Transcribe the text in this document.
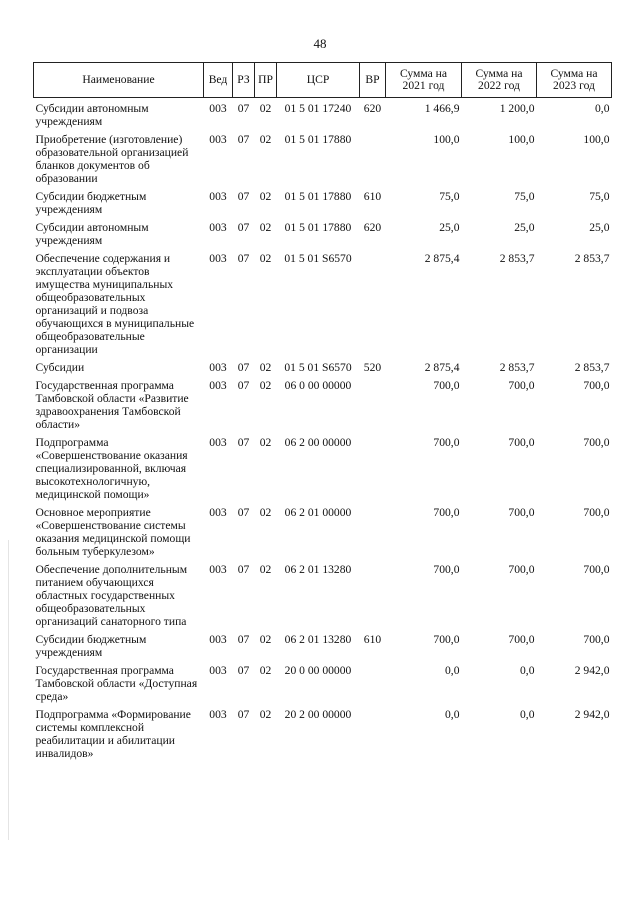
48
Наименование	Вед	РЗ	ПР	ЦСР	ВР	Сумма на 2021 год	Сумма на 2022 год	Сумма на 2023 год
Субсидии автономным учреждениям	003	07	02	01 5 01 17240	620	1 466,9	1 200,0	0,0
Приобретение (изготовление) образовательной организацией бланков документов об образовании	003	07	02	01 5 01 17880		100,0	100,0	100,0
Субсидии бюджетным учреждениям	003	07	02	01 5 01 17880	610	75,0	75,0	75,0
Субсидии автономным учреждениям	003	07	02	01 5 01 17880	620	25,0	25,0	25,0
Обеспечение содержания и эксплуатации объектов имущества муниципальных общеобразовательных организаций и подвоза обучающихся в муниципальные общеобразовательные организации	003	07	02	01 5 01 S6570		2 875,4	2 853,7	2 853,7
Субсидии	003	07	02	01 5 01 S6570	520	2 875,4	2 853,7	2 853,7
Государственная программа Тамбовской области «Развитие здравоохранения Тамбовской области»	003	07	02	06 0 00 00000		700,0	700,0	700,0
Подпрограмма «Совершенствование оказания специализированной, включая высокотехнологичную, медицинской помощи»	003	07	02	06 2 00 00000		700,0	700,0	700,0
Основное мероприятие «Совершенствование системы оказания медицинской помощи больным туберкулезом»	003	07	02	06 2 01 00000		700,0	700,0	700,0
Обеспечение дополнительным питанием обучающихся областных государственных общеобразовательных организаций санаторного типа	003	07	02	06 2 01 13280		700,0	700,0	700,0
Субсидии бюджетным учреждениям	003	07	02	06 2 01 13280	610	700,0	700,0	700,0
Государственная программа Тамбовской области «Доступная среда»	003	07	02	20 0 00 00000		0,0	0,0	2 942,0
Подпрограмма «Формирование системы комплексной реабилитации и абилитации инвалидов»	003	07	02	20 2 00 00000		0,0	0,0	2 942,0
